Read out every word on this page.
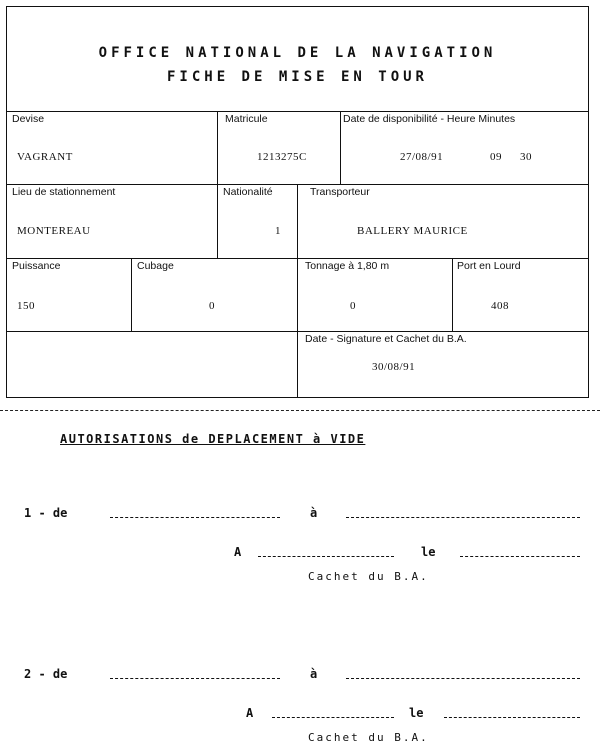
OFFICE NATIONAL DE LA NAVIGATION
FICHE DE MISE EN TOUR
Devise
VAGRANT
Matricule
1213275C
Date de disponibilité - Heure Minutes
27/08/91	09 30
Lieu de stationnement
MONTEREAU
Nationalité
1
Transporteur
BALLERY MAURICE
Puissance
150
Cubage
0
Tonnage à 1,80 m
0
Port en Lourd
408
Date - Signature et Cachet du B.A.
30/08/91
AUTORISATIONS de DEPLACEMENT à VIDE
1 - de	à
A	le
Cachet du B.A.
2 - de	à
A	le
Cachet du B.A.
